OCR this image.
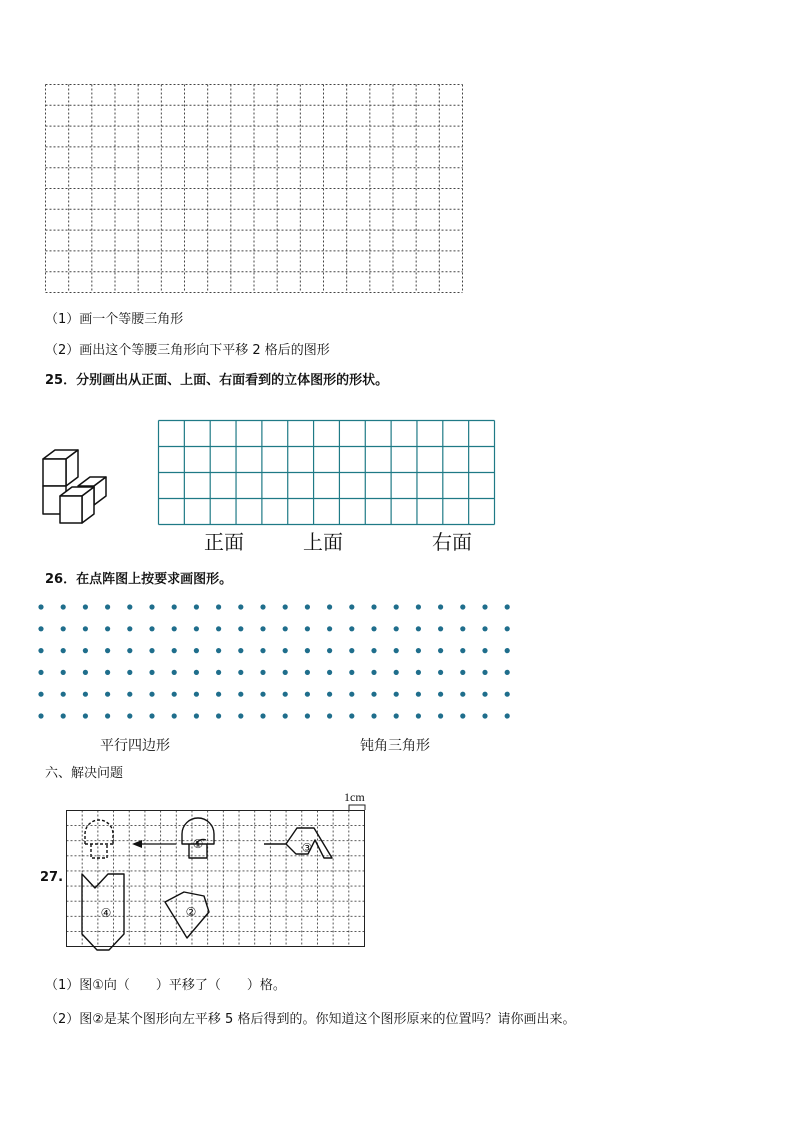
（1）画一个等腰三角形
（2）画出这个等腰三角形向下平移 2 格后的图形
25．分别画出从正面、上面、右面看到的立体图形的形状。
正面	上面	右面
26．在点阵图上按要求画图形。
平行四边形	钝角三角形
六、解决问题
27.
1cm
①	③
④	②
（1）图①向（　　）平移了（　　）格。
（2）图②是某个图形向左平移 5 格后得到的。你知道这个图形原来的位置吗？请你画出来。
